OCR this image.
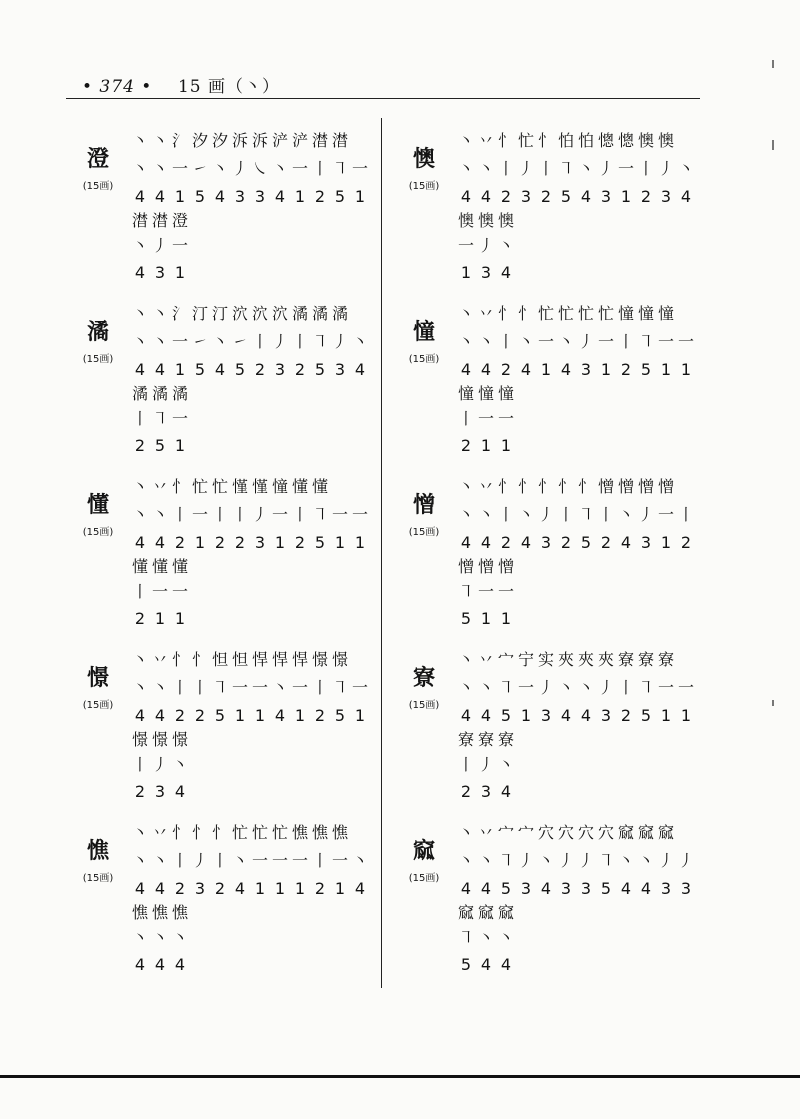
• 374 • 15 画（丶）
澄
(15画)
丶 丶 氵 汐 汐 泝 泝 浐 浐 澘 澘
丶 丶 一 ㇀ 丶 丿 ㇏ 丶 一 丨 ㇕ 一
4 4 1 5 4 3 3 4 1 2 5 1
澘 澘 澄
丶 丿 一
4 3 1
潏
(15画)
丶 丶 氵 汀 汀 泬 泬 泬 潏 潏 潏
丶 丶 一 ㇀ 丶 ㇀ 丨 丿 丨 ㇕ 丿 丶
4 4 1 5 4 5 2 3 2 5 3 4
潏 潏 潏
丨 ㇕ 一
2 5 1
懂
(15画)
丶 丷 忄 忙 忙 慬 慬 憧 懂 懂
丶 丶 丨 一 丨 丨 丿 一 丨 ㇕ 一 一
4 4 2 1 2 2 3 1 2 5 1 1
懂 懂 懂
丨 一 一
2 1 1
憬
(15画)
丶 丷 忄 忄 怛 怛 悍 悍 悍 憬 憬
丶 丶 丨 丨 ㇕ 一 一 丶 一 丨 ㇕ 一
4 4 2 2 5 1 1 4 1 2 5 1
憬 憬 憬
丨 丿 丶
2 3 4
憔
(15画)
丶 丷 忄 忄 忄 忙 忙 忙 憔 憔 憔
丶 丶 丨 丿 丨 丶 一 一 一 丨 一 丶
4 4 2 3 2 4 1 1 1 2 1 4
憔 憔 憔
丶 丶 丶
4 4 4
懊
(15画)
丶 丷 忄 忙 忄 怕 怕 憁 憁 懊 懊
丶 丶 丨 丿 丨 ㇕ 丶 丿 一 丨 丿 丶
4 4 2 3 2 5 4 3 1 2 3 4
懊 懊 懊
一 丿 丶
1 3 4
憧
(15画)
丶 丷 忄 忄 忙 忙 忙 忙 憧 憧 憧
丶 丶 丨 丶 一 丶 丿 一 丨 ㇕ 一 一
4 4 2 4 1 4 3 1 2 5 1 1
憧 憧 憧
丨 一 一
2 1 1
憎
(15画)
丶 丷 忄 忄 忄 忄 忄 憎 憎 憎 憎
丶 丶 丨 丶 丿 丨 ㇕ 丨 丶 丿 一 丨
4 4 2 4 3 2 5 2 4 3 1 2
憎 憎 憎
㇕ 一 一
5 1 1
寮
(15画)
丶 丷 宀 宁 实 夾 夾 夾 寮 寮 寮
丶 丶 ㇕ 一 丿 丶 丶 丿 丨 ㇕ 一 一
4 4 5 1 3 4 4 3 2 5 1 1
寮 寮 寮
丨 丿 丶
2 3 4
窳
(15画)
丶 丷 宀 宀 穴 穴 穴 穴 窳 窳 窳
丶 丶 ㇕ 丿 丶 丿 丿 ㇕ 丶 丶 丿 丿
4 4 5 3 4 3 3 5 4 4 3 3
窳 窳 窳
㇕ 丶 丶
5 4 4
